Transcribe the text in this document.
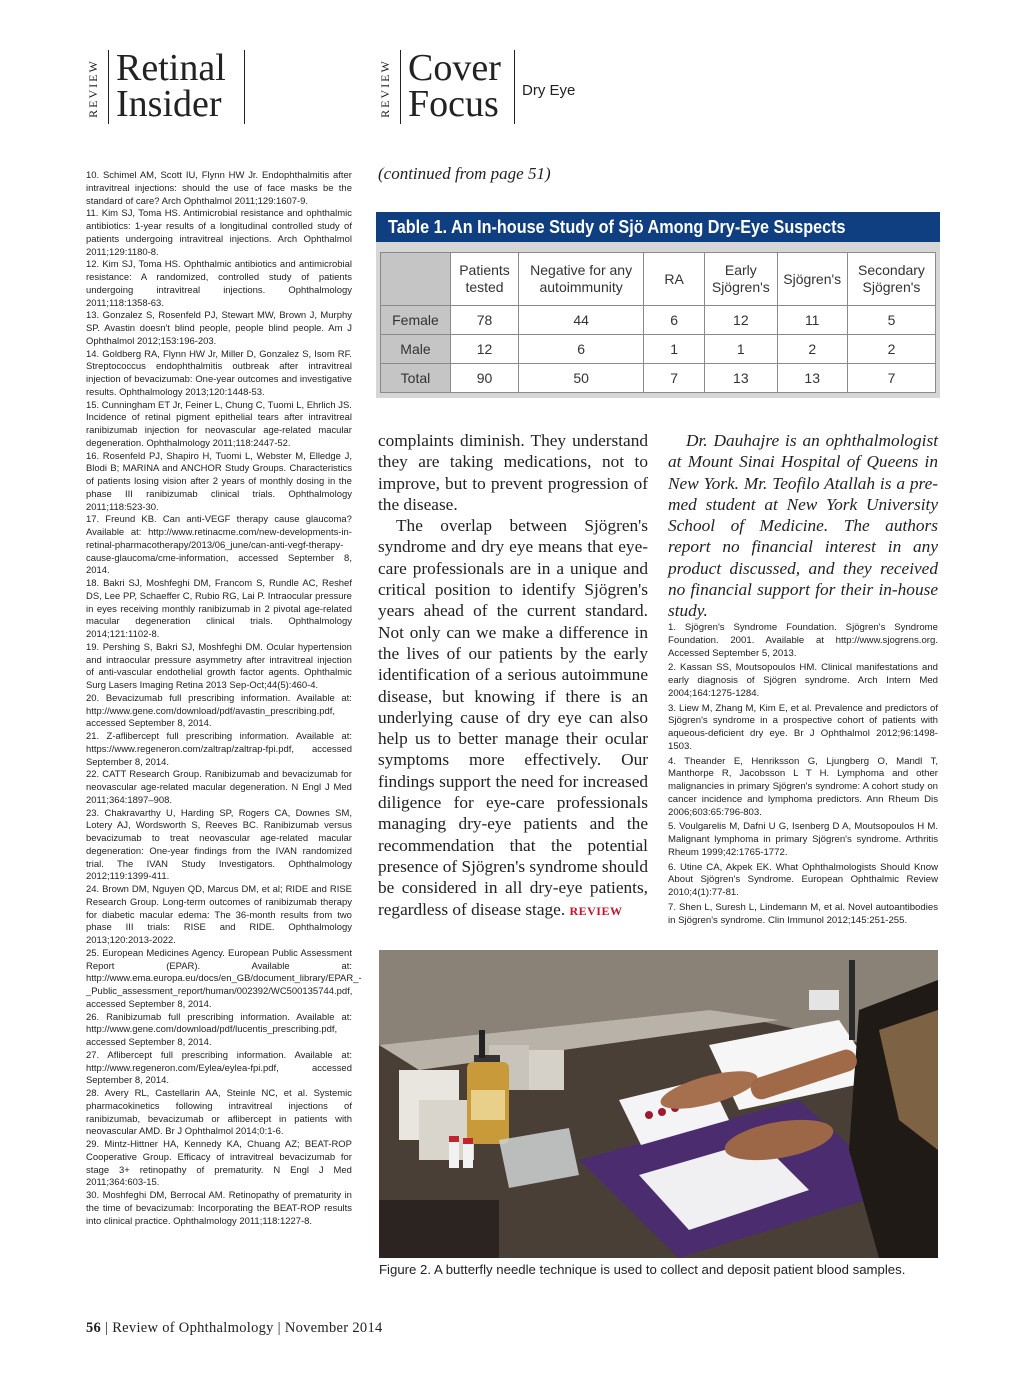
REVIEW Retinal
Insider	REVIEW Cover
Focus Dry Eye

10. Schimel AM, Scott IU, Flynn HW Jr. Endophthalmitis after intravitreal injections: should the use of face masks be the standard of care? Arch Ophthalmol 2011;129:1607-9.

11. Kim SJ, Toma HS. Antimicrobial resistance and ophthalmic antibiotics: 1-year results of a longitudinal controlled study of patients undergoing intravitreal injections. Arch Ophthalmol 2011;129:1180-8.

12. Kim SJ, Toma HS. Ophthalmic antibiotics and antimicrobial resistance: A randomized, controlled study of patients undergoing intravitreal injections. Ophthalmology 2011;118:1358-63.

13. Gonzalez S, Rosenfeld PJ, Stewart MW, Brown J, Murphy SP. Avastin doesn't blind people, people blind people. Am J Ophthalmol 2012;153:196-203.

14. Goldberg RA, Flynn HW Jr, Miller D, Gonzalez S, Isom RF. Streptococcus endophthalmitis outbreak after intravitreal injection of bevacizumab: One-year outcomes and investigative results. Ophthalmology 2013;120:1448-53.

15. Cunningham ET Jr, Feiner L, Chung C, Tuomi L, Ehrlich JS. Incidence of retinal pigment epithelial tears after intravitreal ranibizumab injection for neovascular age-related macular degeneration. Ophthalmology 2011;118:2447-52.

16. Rosenfeld PJ, Shapiro H, Tuomi L, Webster M, Elledge J, Blodi B; MARINA and ANCHOR Study Groups. Characteristics of patients losing vision after 2 years of monthly dosing in the phase III ranibizumab clinical trials. Ophthalmology 2011;118:523-30.

17. Freund KB. Can anti-VEGF therapy cause glaucoma? Available at: http://www.retinacme.com/new-developments-in-retinal-pharmacotherapy/2013/06_june/can-anti-vegf-therapy-cause-glaucoma/cme-information, accessed September 8, 2014.

18. Bakri SJ, Moshfeghi DM, Francom S, Rundle AC, Reshef DS, Lee PP, Schaeffer C, Rubio RG, Lai P. Intraocular pressure in eyes receiving monthly ranibizumab in 2 pivotal age-related macular degeneration clinical trials. Ophthalmology 2014;121:1102-8.

19. Pershing S, Bakri SJ, Moshfeghi DM. Ocular hypertension and intraocular pressure asymmetry after intravitreal injection of anti-vascular endothelial growth factor agents. Ophthalmic Surg Lasers Imaging Retina 2013 Sep-Oct;44(5):460-4.

20. Bevacizumab full prescribing information. Available at: http://www.gene.com/download/pdf/avastin_prescribing.pdf, accessed September 8, 2014.

21. Z-aflibercept full prescribing information. Available at: https://www.regeneron.com/zaltrap/zaltrap-fpi.pdf, accessed September 8, 2014.

22. CATT Research Group. Ranibizumab and bevacizumab for neovascular age-related macular degeneration. N Engl J Med 2011;364:1897–908.

23. Chakravarthy U, Harding SP, Rogers CA, Downes SM, Lotery AJ, Wordsworth S, Reeves BC. Ranibizumab versus bevacizumab to treat neovascular age-related macular degeneration: One-year findings from the IVAN randomized trial. The IVAN Study Investigators. Ophthalmology 2012;119:1399-411.

24. Brown DM, Nguyen QD, Marcus DM, et al; RIDE and RISE Research Group. Long-term outcomes of ranibizumab therapy for diabetic macular edema: The 36-month results from two phase III trials: RISE and RIDE. Ophthalmology 2013;120:2013-2022.

25. European Medicines Agency. European Public Assessment Report (EPAR). Available at: http://www.ema.europa.eu/docs/en_GB/document_library/EPAR_-_Public_assessment_report/human/002392/WC500135744.pdf, accessed September 8, 2014.

26. Ranibizumab full prescribing information. Available at: http://www.gene.com/download/pdf/lucentis_prescribing.pdf, accessed September 8, 2014.

27. Aflibercept full prescribing information. Available at: http://www.regeneron.com/Eylea/eylea-fpi.pdf, accessed September 8, 2014.

28. Avery RL, Castellarin AA, Steinle NC, et al. Systemic pharmacokinetics following intravitreal injections of ranibizumab, bevacizumab or aflibercept in patients with neovascular AMD. Br J Ophthalmol 2014;0:1-6.

29. Mintz-Hittner HA, Kennedy KA, Chuang AZ; BEAT-ROP Cooperative Group. Efficacy of intravitreal bevacizumab for stage 3+ retinopathy of prematurity. N Engl J Med 2011;364:603-15.

30. Moshfeghi DM, Berrocal AM. Retinopathy of prematurity in the time of bevacizumab: Incorporating the BEAT-ROP results into clinical practice. Ophthalmology 2011;118:1227-8.

(continued from page 51)
Table 1. An In-house Study of Sjö Among Dry-Eye Suspects
	Patients tested	Negative for any autoimmunity	RA	Early Sjögren's	Sjögren's	Secondary Sjögren's
Female	78	44	6	12	11	5
Male	12	6	1	1	2	2
Total	90	50	7	13	13	7

complaints diminish. They understand they are taking medications, not to improve, but to prevent progression of the disease.

The overlap between Sjögren's syndrome and dry eye means that eye-care professionals are in a unique and critical position to identify Sjögren's years ahead of the current standard. Not only can we make a difference in the lives of our patients by the early identification of a serious autoimmune disease, but knowing if there is an underlying cause of dry eye can also help us to better manage their ocular symptoms more effectively. Our findings support the need for increased diligence for eye-care professionals managing dry-eye patients and the recommendation that the potential presence of Sjögren's syndrome should be considered in all dry-eye patients, regardless of disease stage. REVIEW

Dr. Dauhajre is an ophthalmologist at Mount Sinai Hospital of Queens in New York. Mr. Teofilo Atallah is a pre-med student at New York University School of Medicine. The authors report no financial interest in any product discussed, and they received no financial support for their in-house study.

1. Sjögren's Syndrome Foundation. Sjögren's Syndrome Foundation. 2001. Available at http://www.sjogrens.org. Accessed September 5, 2013.

2. Kassan SS, Moutsopoulos HM. Clinical manifestations and early diagnosis of Sjögren syndrome. Arch Intern Med 2004;164:1275-1284.

3. Liew M, Zhang M, Kim E, et al. Prevalence and predictors of Sjögren's syndrome in a prospective cohort of patients with aqueous-deficient dry eye. Br J Ophthalmol 2012;96:1498-1503.

4. Theander E, Henriksson G, Ljungberg O, Mandl T, Manthorpe R, Jacobsson L T H. Lymphoma and other malignancies in primary Sjögren's syndrome: A cohort study on cancer incidence and lymphoma predictors. Ann Rheum Dis 2006;603:65:796-803.

5. Voulgarelis M, Dafni U G, Isenberg D A, Moutsopoulos H M. Malignant lymphoma in primary Sjögren's syndrome. Arthritis Rheum 1999;42:1765-1772.

6. Utine CA, Akpek EK. What Ophthalmologists Should Know About Sjögren's Syndrome. European Ophthalmic Review 2010;4(1):77-81.

7. Shen L, Suresh L, Lindemann M, et al. Novel autoantibodies in Sjögren's syndrome. Clin Immunol 2012;145:251-255.

Figure 2. A butterfly needle technique is used to collect and deposit patient blood samples.
56 | Review of Ophthalmology | November 2014
